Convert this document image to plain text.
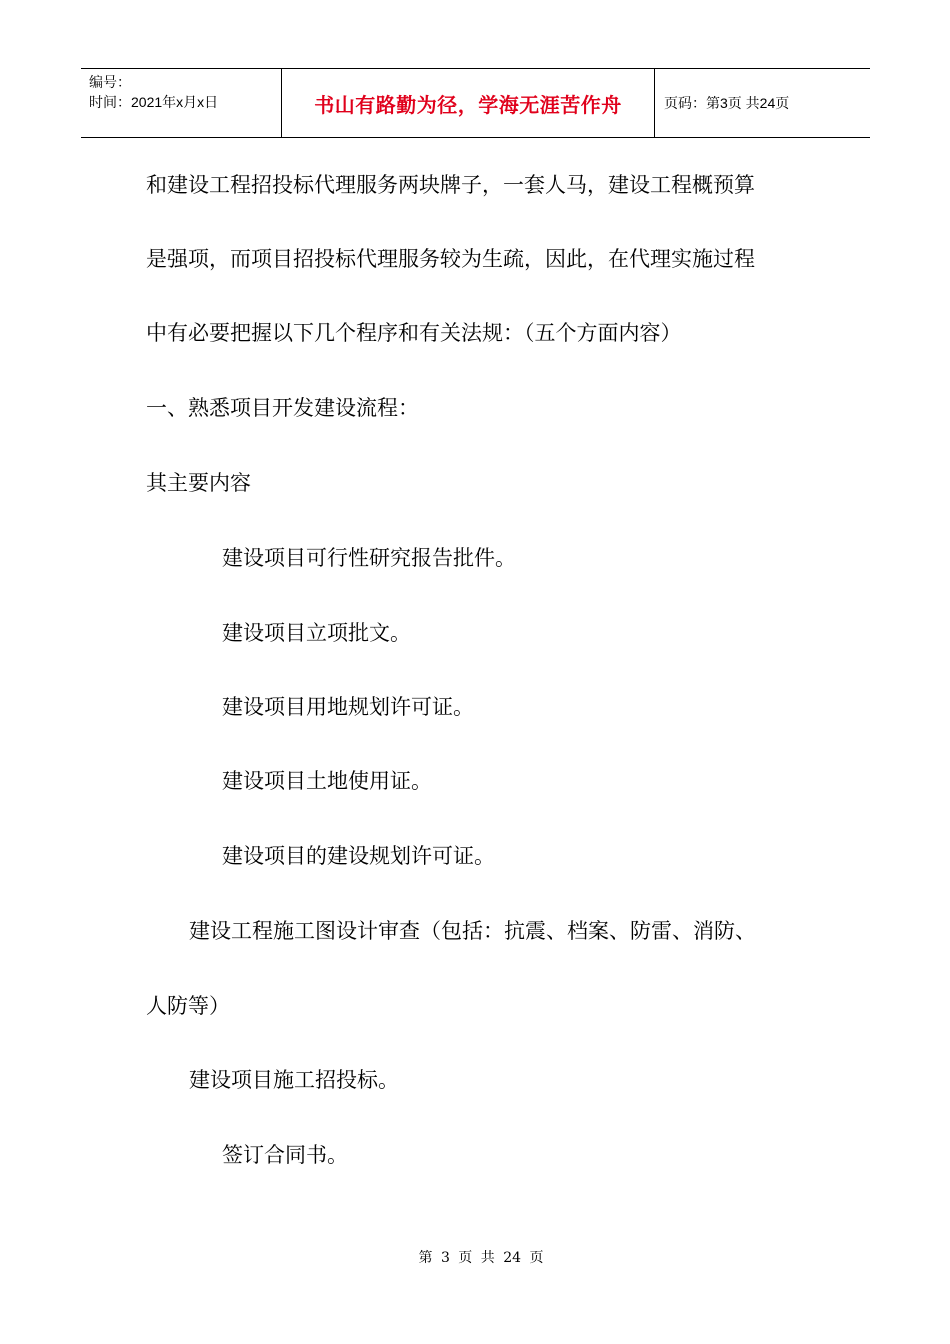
编号：
时间：2021年x月x日	书山有路勤为径，学海无涯苦作舟	页码：第3页 共24页
和建设工程招投标代理服务两块牌子，一套人马，建设工程概预算
是强项，而项目招投标代理服务较为生疏，因此，在代理实施过程
中有必要把握以下几个程序和有关法规：（五个方面内容）
一、熟悉项目开发建设流程：
其主要内容
建设项目可行性研究报告批件。
建设项目立项批文。
建设项目用地规划许可证。
建设项目土地使用证。
建设项目的建设规划许可证。
建设工程施工图设计审查（包括：抗震、档案、防雷、消防、
人防等）
建设项目施工招投标。
签订合同书。
第 3 页 共 24 页
